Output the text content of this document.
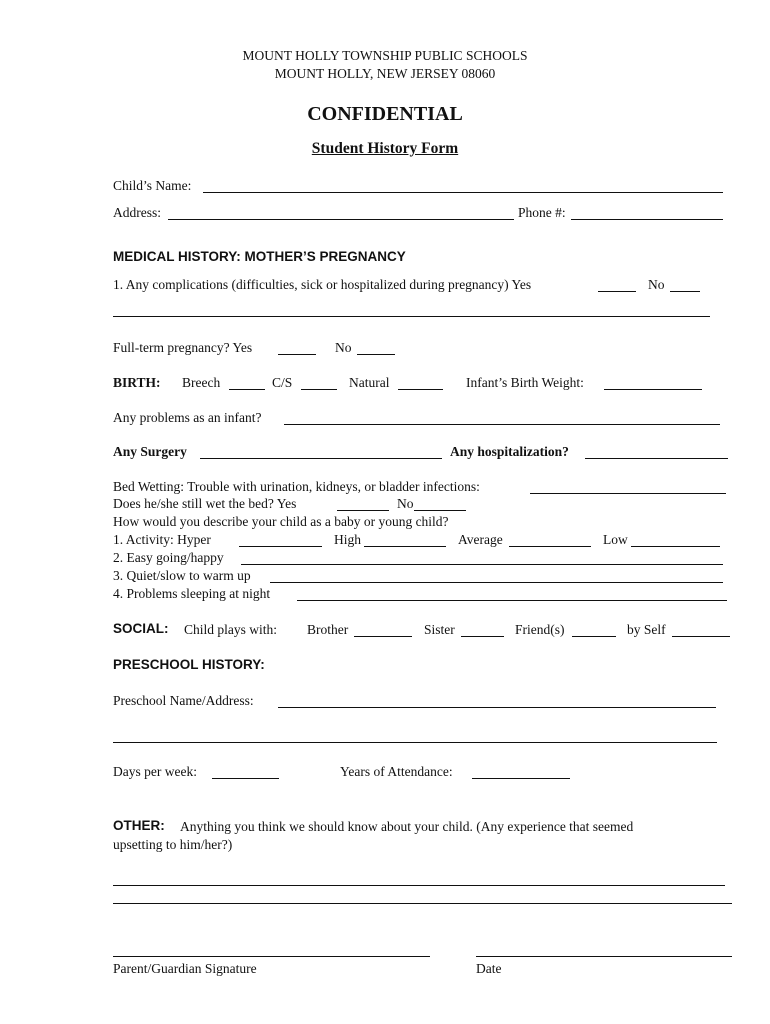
MOUNT HOLLY TOWNSHIP PUBLIC SCHOOLS
MOUNT HOLLY, NEW JERSEY 08060
CONFIDENTIAL
Student History Form
Child’s Name:
Address:	Phone #:
MEDICAL HISTORY: MOTHER’S PREGNANCY
1. Any complications (difficulties, sick or hospitalized during pregnancy) Yes	No
Full-term pregnancy? Yes	No
BIRTH: Breech	C/S	Natural	Infant’s Birth Weight:
Any problems as an infant?
Any Surgery	Any hospitalization?
Bed Wetting: Trouble with urination, kidneys, or bladder infections:
Does he/she still wet the bed? Yes	No
How would you describe your child as a baby or young child?
1. Activity: Hyper	High	Average	Low
2. Easy going/happy
3. Quiet/slow to warm up
4. Problems sleeping at night
SOCIAL: Child plays with: Brother	Sister	Friend(s)	by Self
PRESCHOOL HISTORY:
Preschool Name/Address:
Days per week:	Years of Attendance:
OTHER: Anything you think we should know about your child. (Any experience that seemed
upsetting to him/her?)
Parent/Guardian Signature	Date
